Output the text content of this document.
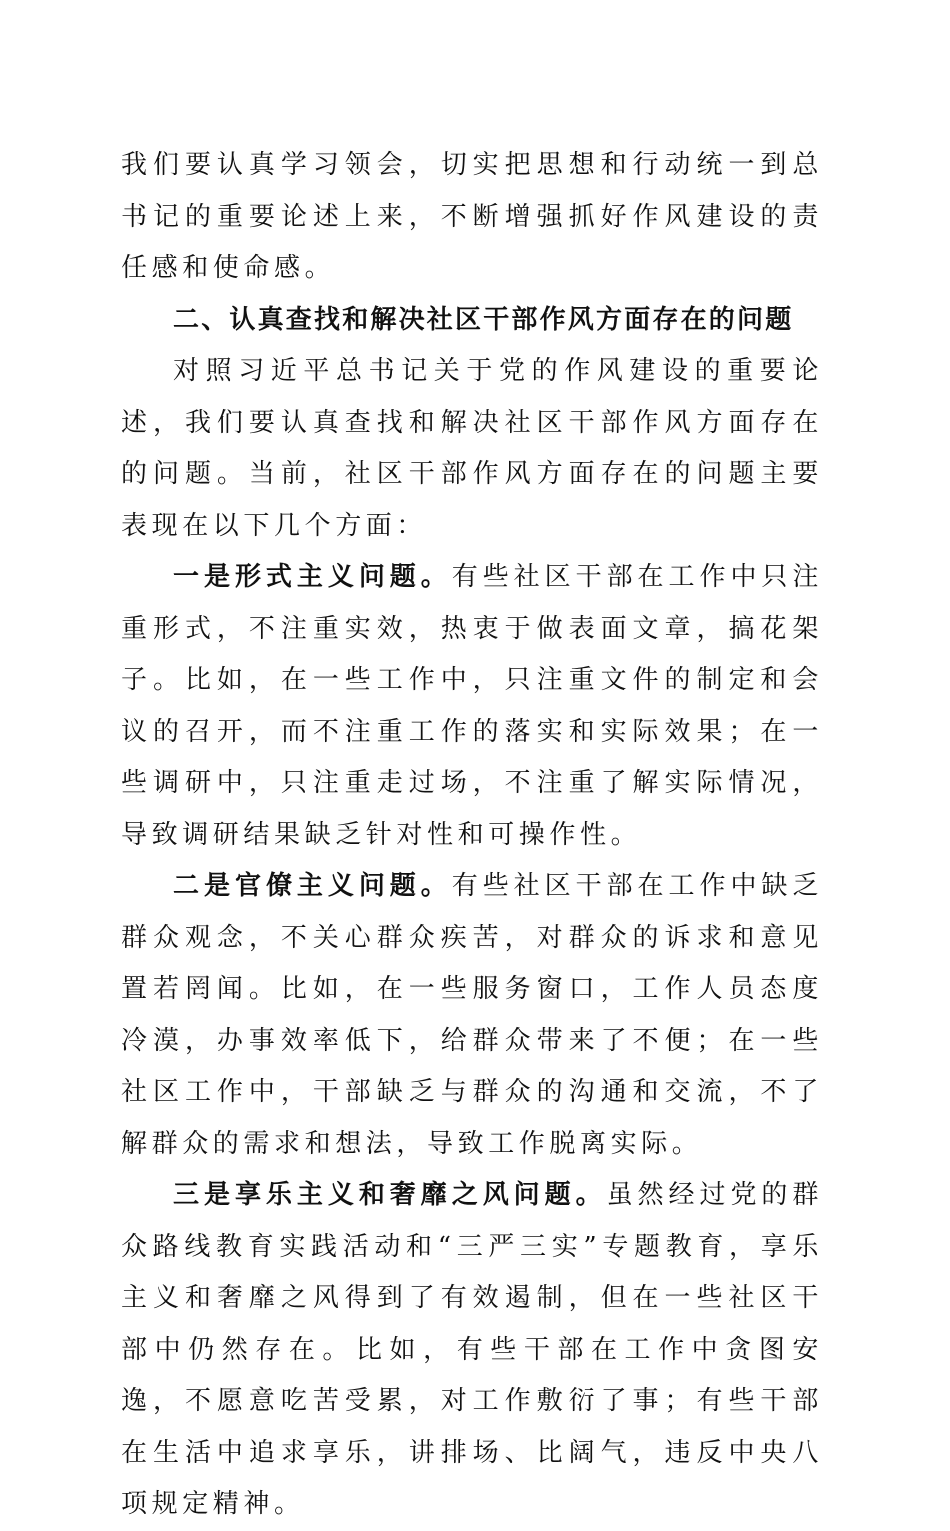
我们要认真学习领会，切实把思想和行动统一到总书记的重要论述上来，不断增强抓好作风建设的责任感和使命感。

二、认真查找和解决社区干部作风方面存在的问题

对照习近平总书记关于党的作风建设的重要论述，我们要认真查找和解决社区干部作风方面存在的问题。当前，社区干部作风方面存在的问题主要表现在以下几个方面：

一是形式主义问题。有些社区干部在工作中只注重形式，不注重实效，热衷于做表面文章，搞花架子。比如，在一些工作中，只注重文件的制定和会议的召开，而不注重工作的落实和实际效果；在一些调研中，只注重走过场，不注重了解实际情况，导致调研结果缺乏针对性和可操作性。

二是官僚主义问题。有些社区干部在工作中缺乏群众观念，不关心群众疾苦，对群众的诉求和意见置若罔闻。比如，在一些服务窗口，工作人员态度冷漠，办事效率低下，给群众带来了不便；在一些社区工作中，干部缺乏与群众的沟通和交流，不了解群众的需求和想法，导致工作脱离实际。

三是享乐主义和奢靡之风问题。虽然经过党的群众路线教育实践活动和“三严三实”专题教育，享乐主义和奢靡之风得到了有效遏制，但在一些社区干部中仍然存在。比如，有些干部在工作中贪图安逸，不愿意吃苦受累，对工作敷衍了事；有些干部在生活中追求享乐，讲排场、比阔气，违反中央八项规定精神。
